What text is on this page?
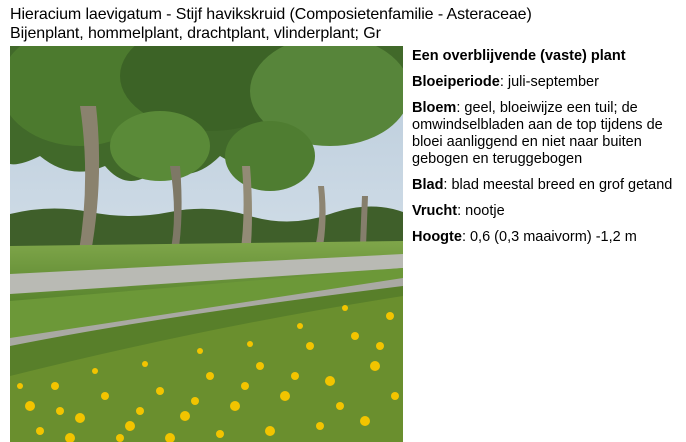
Hieracium laevigatum - Stijf havikskruid (Composietenfamilie - Asteraceae)
Bijenplant, hommelplant, drachtplant, vlinderplant; Gr
Een overblijvende (vaste) plant
Bloeiperiode: juli-september
Bloem: geel, bloeiwijze een tuil; de omwindselbladen aan de top tijdens de bloei aanliggend en niet naar buiten gebogen en teruggebogen
Blad: blad meestal breed en grof getand
Vrucht: nootje
Hoogte: 0,6 (0,3 maaivorm) -1,2 m
